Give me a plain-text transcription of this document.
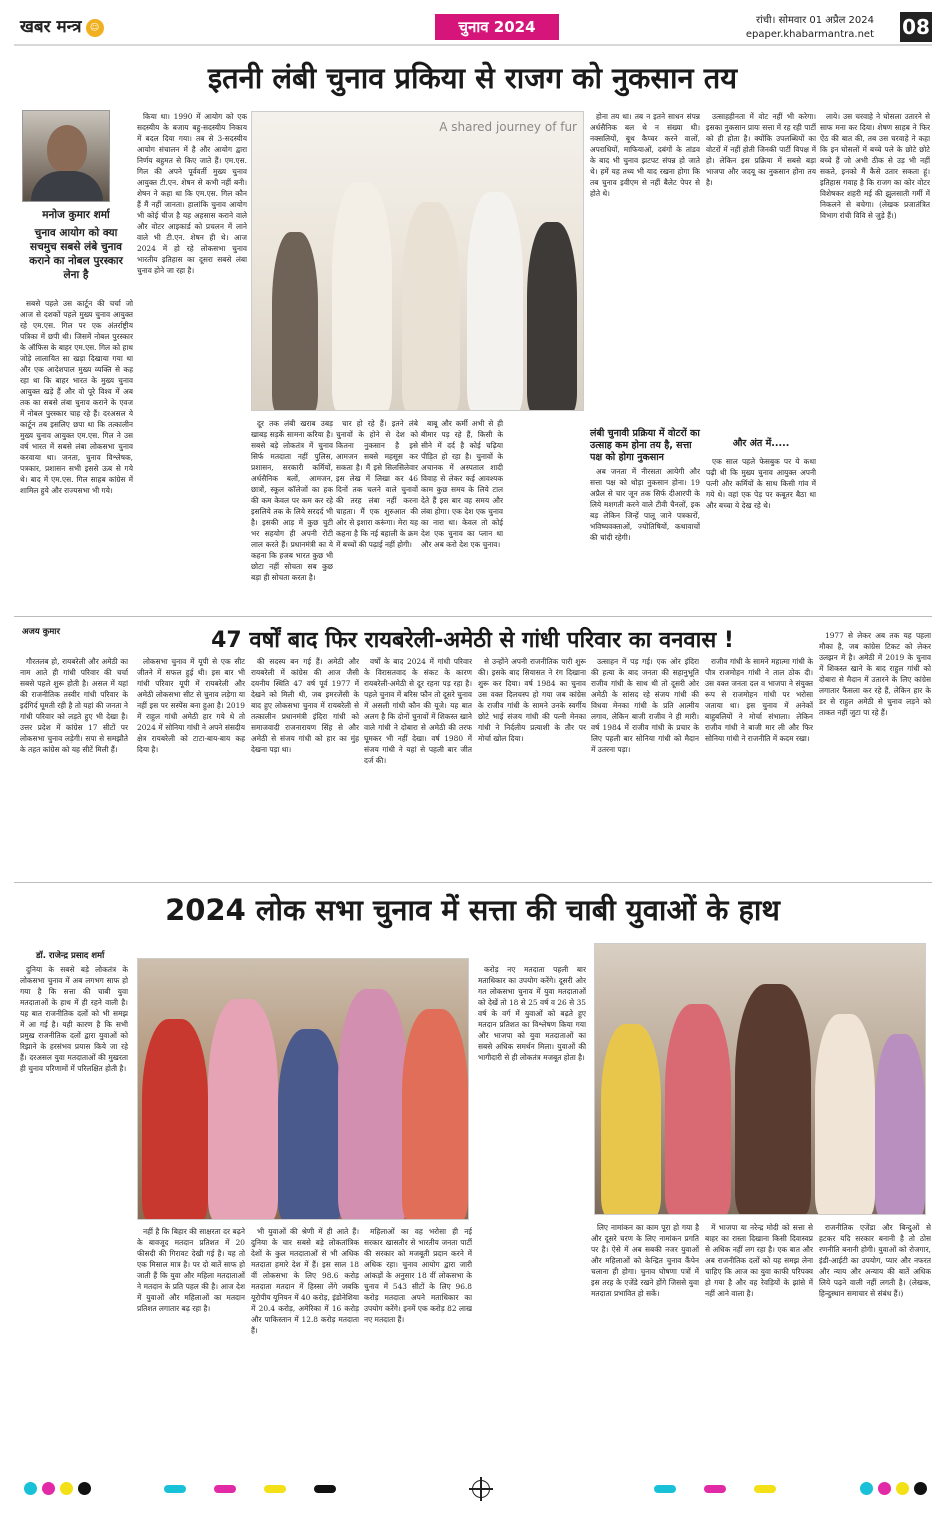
खबर मन्त्र ☺	चुनाव 2024	रांची। सोमवार 01 अप्रैल 2024
epaper.khabarmantra.net 08
इतनी लंबी चुनाव प्रकिया से राजग को नुकसान तय
मनोज कुमार शर्मा
चुनाव आयोग को क्या सचमुच सबसे लंबे चुनाव कराने का नोबल पुरस्कार लेना है

सबसे पहले उस कार्टून की चर्चा जो आज से दशकों पहले मुख्य चुनाव आयुक्त रहे एम.एस. गिल पर एक अंतर्राष्ट्रीय पत्रिका में छपी थी। जिसमें नोबल पुरस्कार के ऑफिस के बाहर एम.एस. गिल को हाथ जोड़े लालायित सा खड़ा दिखाया गया था और एक आदेशपाल मुख्य व्यक्ति से कह रहा था कि बाहर भारत के मुख्य चुनाव आयुक्त खड़े हैं और वो पूरे विश्व में अब तक का सबसे लंबा चुनाव कराने के एवज में नोबल पुरस्कार चाह रहे हैं। दरअसल ये कार्टून तब इसलिए छपा था कि तत्कालीन मुख्य चुनाव आयुक्त एम.एस. गिल ने उस वर्ष भारत में सबसे लंबा लोकसभा चुनाव करवाया था। जनता, चुनाव विश्लेषक, पत्रकार, प्रशासन सभी इससे ऊब से गये थे। बाद में एम.एस. गिल साहब कांग्रेस में शामिल हुये और राज्यसभा भी गये।

किया था। 1990 में आयोग को एक सदस्यीय के बजाय बहु-सदस्यीय निकाय में बदल दिया गया। तब से 3-सदस्यीय आयोग संचालन में है और आयोग द्वारा निर्णय बहुमत से किए जाते हैं। एम.एस. गिल की अपने पूर्ववर्ती मुख्य चुनाव आयुक्त टी.एन. शेषन से कभी नहीं बनी। शेषन ने कहा था कि एम.एस. गिल कौन हैं मैं नहीं जानता। हालांकि चुनाव आयोग भी कोई चीज है यह अहसास कराने वाले और वोटर आइकार्ड को प्रचलन में लाने वाले भी टी.एन. शेषन ही थे। आज 2024 में हो रहे लोकसभा चुनाव भारतीय इतिहास का दूसरा सबसे लंबा चुनाव होने जा रहा है।

A shared journey of fur

दूर तक लंबी खराब उबड़ खाबड़ सड़केंं सामना करिया है। सबसे बड़े लोकतंत्र में चुनाव सिर्फ मतदाता नहीं पुलिस, प्रशासन, सरकारी कर्मियों, अर्धसैनिक बलों, आमजन, छात्रों, स्कूल कॉलेजों का हक की कम केवल पर कम कर रहे इसलिये तक के लिये सरदर्द भी है। इसकी आड़ में कुछ चुटी भर सहयोग ही अपनी रोटी लाल करते हैं। प्रधानमंत्री का ये कहना कि हजब भारत कुछ भी छोटा नहीं सोचता सब कुछ बड़ा ही सोचता करता है।

चार हो रहे हैं। इतने लंबे चुनावों के होने से देश को कितना नुकसान है इसे आमजन सबसे महसूस कर सकता है। मैं इसे सिलसिलेवार इस लेख में लिखा कर 46 दिनों तक चलने वाले चुनावों की तरह लंबा नहीं करना चाहता। मैं एक शुरुआत की ओर से इशारा करूंगा। मेरा यह कहना है कि नई बहाली के क्रम में बच्चों की पढ़ाई नहीं होगी।

बाबू और कर्मी अभी से ही बीमार पड़ रहे हैं, किसी के सीने में दर्द है कोई चढ़िया पीड़ित हो रहा है। चुनावों के अचानक में अस्पताल शादी विवाह से लेकर कई आवश्यक काम कुछ समय के लिये टाल देते हैं इस बार वह समय और लंबा होगा। एक देश एक चुनाव का नारा था। केवल तो कोई देश एक चुनाव का प्लान था और अब करो देश एक चुनाव।

होना तय था। तब न इतने साधन संपन्न अर्धसैनिक बल थे न संख्या थी। नक्सलियों, बूथ कैप्चर करने वालों, अपराधियों, माफियाओं, दबंगों के तांडव के बाद भी चुनाव झटपट संपन्न हो जाते थे। हमें यह तथ्य भी याद रखना होगा कि तब चुनाव इवीएम से नहीं बैलेट पेपर से होते थे।

लंबी चुनावी प्रक्रिया में वोटरों का उत्साह कम होना तय है, सत्ता पक्ष को होगा नुकसान

अब जनता में नीरसता आयेगी और सत्ता पक्ष को थोड़ा नुकसान होना। 19 अप्रैल से चार जून तक सिर्फ दीआरपी के लिये मशगती करने वाले टीवी चैनलों, इक बड़ लेकिन जिन्हें पालू जाने पत्रकारों, भविष्यवक्ताओं, ज्योतिषियों, कथावाचों की चांदी रहेगी।

उत्साहहीनता में वोट नहीं भी करेगा। इसका नुकसान प्रायः सत्ता में रह रही पार्टी को ही होता है। क्योंकि उपलब्धियों का वोटरों में नहीं होती जिनकी पार्टी विपक्ष में हो। लेकिन इस प्रक्रिया में सबसे बड़ा भाजपा और जदयू का नुकसान होना तय है।

और अंत में.....

एक साल पहले फेसबुक पर ये कथा पढ़ी थी कि मुख्य चुनाव आयुक्त अपनी पत्नी और कर्मियों के साथ किसी गांव में गये थे। वहां एक पेड़ पर कबूतर बैठा था और बच्चा ये देख रहे थे।

लाये। उस चरवाहे ने घोसला उतारने से साफ मना कर दिया। शेषण साहब ने फिर ऐंठ की बात की, तब उस चरवाहे ने कहा कि इन घोसलों में बच्चे पले के छोटे छोटे बच्चे हैं जो अभी ठीक से उड़ भी नहीं सकते, इनको मैं कैसे उतार सकता हूं। इतिहास गवाह है कि राजग का कोर वोटर विशेषकर शहरी मई की झुलसाती गर्मी में निकलने से बचेगा। (लेखक प्रजातंत्रित विभाग रांची विवि से जुड़े हैं।)

अजय कुमार	47 वर्षों बाद फिर रायबरेली-अमेठी से गांधी परिवार का वनवास !

गौरतलब हो, रायबरेली और अमेठी का नाम आते ही गांधी परिवार की चर्चा सबसे पहले शुरू होती है। असल में यहां की राजनीतिक तस्वीर गांधी परिवार के इर्दगिर्द घूमती रही है तो यहां की जनता ने गांधी परिवार को लड़ते हुए भी देखा है। उत्तर प्रदेश में कांग्रेस 17 सीटों पर लोकसभा चुनाव लड़ेगी। सपा से समझौते के तहत कांग्रेस को यह सीटें मिली हैं।

लोकसभा चुनाव में यूपी से एक सीट जीतने में सफल हुई थी। इस बार भी गांधी परिवार यूपी में रायबरेली और अमेठी लोकसभा सीट से चुनाव लड़ेगा या नहीं इस पर सस्पेंस बना हुआ है। 2019 में राहुल गांधी अमेठी हार गये थे तो 2024 में सोनिया गांधी ने अपने संसदीय क्षेत्र रायबरेली को टाटा-बाय-बाय कह दिया है।

की सदस्य बन गई हैं। अमेठी और रायबरेली में कांग्रेस की आज जैसी दयनीय स्थिति 47 वर्ष पूर्व 1977 में देखने को मिली थी, जब इमरजेंसी के बाद हुए लोकसभा चुनाव में रायबरेली से तत्कालीन प्रधानमंत्री इंदिरा गांधी को समाजवादी राजनारायण सिंह से और अमेठी से संजय गांधी को हार का मुंह देखना पड़ा था।

वर्षों के बाद 2024 में गांधी परिवार के विरासतवाद के संकट के कारण रायबरेली-अमेठी से दूर रहना पड़ रहा है। पहले चुनाव में बरिस फौन तो दूसरे चुनाव में असली गांधी कौन की यूजे। यह बात अलग है कि दोनों चुनावों में शिकस्त खाने वाले गांधी ने दोबारा से अमेठी की तरफ घूमकर भी नहीं देखा। वर्ष 1980 में संजय गांधी ने यहां से पहली बार जीत दर्ज की।

से उन्होंने अपनी राजनीतिक पारी शुरू की। इसके बाद सियासत ने रंग दिखाना शुरू कर दिया। वर्ष 1984 का चुनाव उस वक्त दिलचस्प हो गया जब कांग्रेस के राजीव गांधी के सामने उनके स्वर्गीय छोटे भाई संजय गांधी की पत्नी मेनका गांधी ने निर्दलीय प्रत्याशी के तौर पर मोर्चा खोल दिया।

उत्साहन में पड़ गई। एक ओर इंदिरा की हत्या के बाद जनता की सहानुभूति राजीव गांधी के साथ थी तो दूसरी ओर अमेठी के सांसद रहे संजय गांधी की विधवा मेनका गांधी के प्रति आत्मीय लगाव, लेकिन बाजी राजीव ने ही मारी। वर्ष 1984 में राजीव गांधी के प्रचार के लिए पहली बार सोनिया गांधी को मैदान में उतरना पड़ा।

राजीव गांधी के सामने महात्मा गांधी के पौत्र राजमोहन गांधी ने ताल ठोक दी। उस वक्त जनता दल व भाजपा ने संयुक्त रूप से राजमोहन गांधी पर भरोसा जताया था। इस चुनाव में अनेकों बाहुबलियों ने मोर्चा संभाला। लेकिन राजीव गांधी ने बाजी मार ली और फिर सोनिया गांधी ने राजनीति में कदम रखा।

1977 से लेकर अब तक यह पहला मौका है, जब कांग्रेस टिकट को लेकर उलझन में है। अमेठी में 2019 के चुनाव में शिकस्त खाने के बाद राहुल गांधी को दोबारा से मैदान में उतारने के लिए कांग्रेस लगातार फैसला कर रहे हैं, लेकिन हार के डर से राहुल अमेठी से चुनाव लड़ने को ताकत नहीं जुटा पा रहे हैं।

2024 लोक सभा चुनाव में सत्ता की चाबी युवाओं के हाथ
डॉ. राजेन्द्र प्रसाद शर्मा

दुनिया के सबसे बड़े लोकतंत्र के लोकसभा चुनाव में अब लगभग साफ हो गया है कि सत्ता की चाबी युवा मतदाताओं के हाथ में ही रहने वाली है। यह बात राजनीतिक दलों को भी समझ में आ गई है। यही कारण है कि सभी प्रमुख राजनीतिक दलों द्वारा युवाओं को रिझाने के हरसंभव प्रयास किये जा रहे हैं। दरअसल युवा मतदाताओं की मुखरता ही चुनाव परिणामों में परिलक्षित होती है।

करोड़ नए मतदाता पहली बार मताधिकार का उपयोग करेंगे। दूसरी ओर गत लोकसभा चुनाव में युवा मतदाताओं को देखें तो 18 से 25 वर्ष व 26 से 35 वर्ष के वर्ग में युवाओं को बढ़ते हुए मतदान प्रतिशत का विश्लेषण किया गया और भाजपा को युवा मतदाताओं का सबसे अधिक समर्थन मिला। युवाओं की भागीदारी से ही लोकतंत्र मजबूत होता है।

नहीं है कि बिहार की साक्षरता दर बढ़ने के बावजूद मतदान प्रतिशत में 20 फीसदी की गिरावट देखी गई है। यह तो एक मिसाल मात्र है। पर दो बातें साफ हो जाती हैं कि युवा और महिला मतदाताओं ने मतदान के प्रति पहल की है। आज देश में युवाओं और महिलाओं का मतदान प्रतिशत लगातार बढ़ रहा है।

भी युवाओं की श्रेणी में ही आते हैं। दुनिया के चार सबसे बड़े लोकतांत्रिक देशों के कुल मतदाताओं से भी अधिक मतदाता हमारे देश में हैं। इस साल 18 वीं लोकसभा के लिए 98.6 करोड़ मतदाता मतदान में हिस्सा लेंगे जबकि यूरोपीय यूनियन में 40 करोड़, इंडोनेशिया में 20.4 करोड़, अमेरिका में 16 करोड़ और पाकिस्तान में 12.8 करोड़ मतदाता हैं।

महिलाओं का वह भरोसा ही नई सरकार खासतौर से भारतीय जनता पार्टी की सरकार को मजबूती प्रदान करने में अधिक रहा। चुनाव आयोग द्वारा जारी आंकड़ों के अनुसार 18 वीं लोकसभा के चुनाव में 543 सीटों के लिए 96.8 करोड़ मतदाता अपने मताधिकार का उपयोग करेंगे। इनमें एक करोड़ 82 लाख नए मतदाता हैं।

लिए नामांकन का काम पूरा हो गया है और दूसरे चरण के लिए नामांकन प्रगति पर है। ऐसे में अब सबकी नजर युवाओं और महिलाओं को केन्द्रित चुनाव कैंपेन चलाना ही होगा। चुनाव घोषणा पत्रों में इस तरह के एजेंडे रखने होंगे जिससे युवा मतदाता प्रभावित हो सकें।

में भाजपा या नरेन्द्र मोदी को सत्ता से बाहर का रास्ता दिखाना किसी दिवास्वप्न से अधिक नहीं लग रहा है। एक बात और अब राजनीतिक दलों को यह समझ लेना चाहिए कि आज का युवा काफी परिपक्व हो गया है और वह रेवड़ियों के झांसे में नहीं आने वाला है।

राजनीतिक एजेंडा और बिन्दुओं से हटकर यदि सरकार बनानी है तो ठोस रणनीति बनानी होगी। युवाओं को रोजगार, इंडी-आईटी का उपयोग, प्यार और नफरत और न्याय और अन्याय की बातें अधिक लिये पढ़ने वाली नहीं लगती है। (लेखक, हिन्दुस्थान समाचार से संबंध हैं।)
